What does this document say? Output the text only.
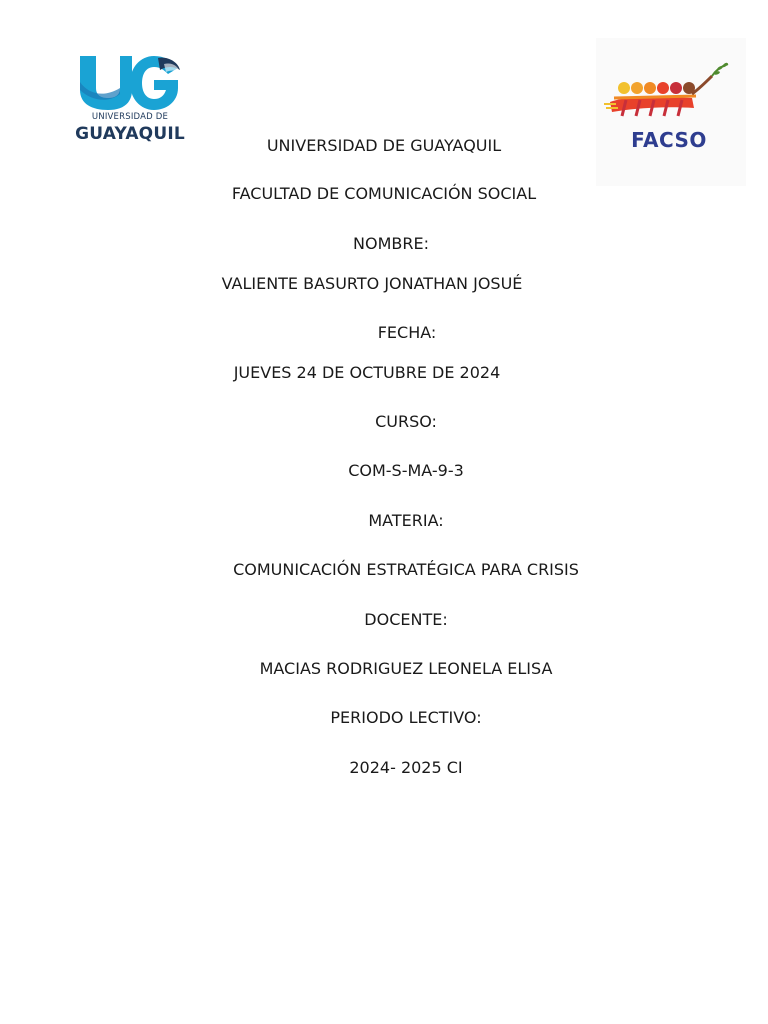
UNIVERSIDAD DE
GUAYAQUIL	FACSO
UNIVERSIDAD DE GUAYAQUIL
FACULTAD DE COMUNICACIÓN SOCIAL
NOMBRE:
VALIENTE BASURTO JONATHAN JOSUÉ
FECHA:
JUEVES 24 DE OCTUBRE DE 2024
CURSO:
COM-S-MA-9-3
MATERIA:
COMUNICACIÓN ESTRATÉGICA PARA CRISIS
DOCENTE:
MACIAS RODRIGUEZ LEONELA ELISA
PERIODO LECTIVO:
2024- 2025 CI
